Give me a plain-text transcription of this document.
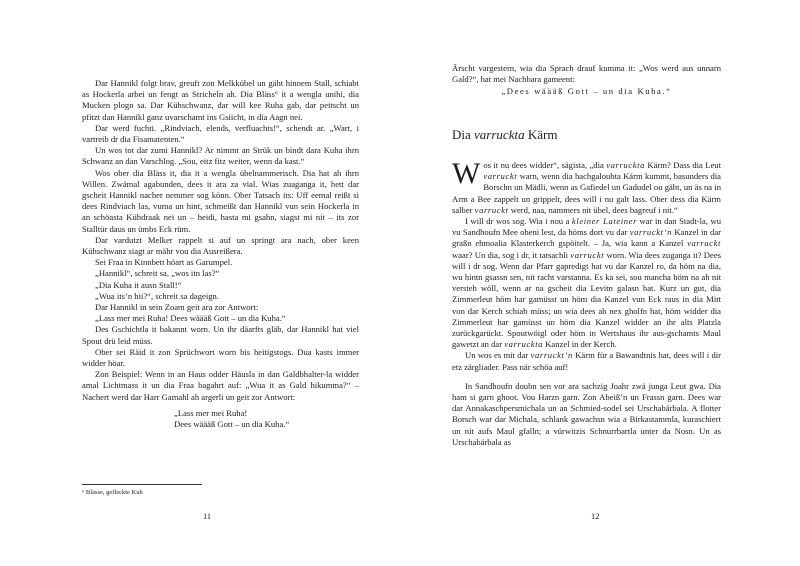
Dar Hannikl folgt brav, greuft zon Melkkübel un gäht hinnem Stall, schiabt as Hockerla arbei un fengt as Stricheln ah. Dia Bläss⁶ it a wengla unihi, dia Mucken plogn sa. Dar Kühschwanz, dar will kee Ruha gab, dar peitscht un pfitzt dan Hannikl ganz uvarschamt ins Gsiicht, in dia Aagn nei.

Dar werd fuchti. „Rindviach, elends, verfluachts!“, schendt ar. „Wart, i vartreib dr dia Fisamatenten.“

Un wos tot dar zumi Hannikl? Ar nimmt an Strük un bindt dara Kuha ihrn Schwanz an dan Varschlog. „Sou, eitz fitz weiter, wenn da kast.“

Wos ober dia Bläss it, dia it a wengla übelnammerisch. Dia hat ah ihrn Willen. Zwämal agabunden, dees it ara za vial. Wias zuaganga it, hett dar gscheit Hannikl nacher nemmer sog könn. Ober Tatsach its: Uff eemal reißt si dees Rindviach las, vuma un hint, schmeißt dan Hannikl vun sein Hockerla in an schöasta Kühdraak nei un – heidi, hasta mi gsahn, siagst mi nit – its zor Stalltür daus un ümbs Eck rüm.

Dar vardutzt Melker rappelt si auf un springt ara nach, ober keen Kühschwanz siagt ar mähr vou dia Ausreißera.

Sei Fraa in Kinnbett höart as Garumpel.

„Hannikl“, schreit sa, „wos itn las?“

„Dia Kuha it ausn Stall!“

„Wua its’n hii?“, schreit sa dageign.

Dar Hannikl in sein Zoam geit ara zor Antwort:

„Lass mer mei Ruha! Dees wäääß Gott – un dia Kuha.“

Des Gschichtla it bakannt worn. Un ihr däarfts gläb, dar Hannikl hat viel Spout drü leid müss.

Ober sei Räid it zon Sprüchwort worn bis heitigstogs. Dua kasts immer widder höar.

Zon Beispiel: Wenn in an Haus odder Häusla in dan Galdbhalter-la widder amal Lichtmass it un dia Fraa bagahrt auf: „Wua it as Gald hikumma?“ – Nachert werd dar Harr Gamahl ah argerli un geit zor Antwort:

„Lass mer mei Ruha!

Dees wäääß Gott – un dia Kuha.“

⁶ Blässe, gefleckte Kuh
11

Ärscht vargestern, wia dia Sprach drauf kumma it: „Wos werd aus unnarn Gald?“, hat mei Nachbara gameent:

„Dees wäääß Gott – un dia Kuha.“

Dia varruckta Kärm
W os it nu dees widder“, sägista, „dia varruckta Kärm? Dass dia Leut varruckt warn, wenn dia hachgaloubta Kärm kummt, basunders dia Borschn un Mädli, wenn as Gafiedel un Gadudel ou gäht, un äs na in Arm a Bee zappelt un grippelt, dees will i nu galt lass. Ober dess dia Kärm salber varruckt werd, naa, nammers nit übel, dees bagreuf i nit.“

I will dr wos sog. Wia i nou a kleiner Lateiner war in dan Stadt-la, wu vu Sandhoufn Mee obeni lest, da höms dort vu dar varruckt’n Kanzel in dar graßn ehmoalia Klasterkerch gspöitelt. – Ja, wia kann a Kanzel varruckt waar? Un dia, sog i dr, it tatsachli varruckt worn. Wia dees zuganga it? Dees will i dr sog. Wenn dar Pfarr gapredigt hat vu dar Kanzel ro, da höm na dia, wu hintn gsassn sen, nit racht varstanna. Es ka sei, sou mancha höm na ah nit versteh wöll, wenn ar na gscheit dia Levitn galasn hat. Kurz un gut, dia Zimmerleut höm har gamüsst un höm dia Kanzel vun Eck raus in dia Mitt von dar Kerch schiab müss; un wia dees ah nex gholfn hat, höm widder dia Zimmerleut har gamüsst un höm dia Kanzel widder an ihr alts Platzla zurückgarückt. Spoutwöigl oder höm in Wertshaus ihr aus-gschamts Maul gawetzt an dar varruckta Kanzel in der Kerch.

Un wos es mit dar varruckt’n Kärm für a Bawandtnis hat, dees will i dir etz zärgliader. Pass när schöa auf!

In Sandhoufn doubn sen vor ara sachzig Joahr zwä junga Leut gwa. Dia ham si garn ghoot. Vou Harzn garn. Zon Abeiß’n un Frassn garn. Dees war dar Annakaschpersmichala un an Schmied-sodel sei Urschabärbala. A flotter Borsch war dar Michala, schlank gawachsn wia a Birkastammla, kuraschiert un nit aufs Maul gfalln; a vürwitzis Schnurrbartla unter da Nosn. Un as Urschabärbala as

12
